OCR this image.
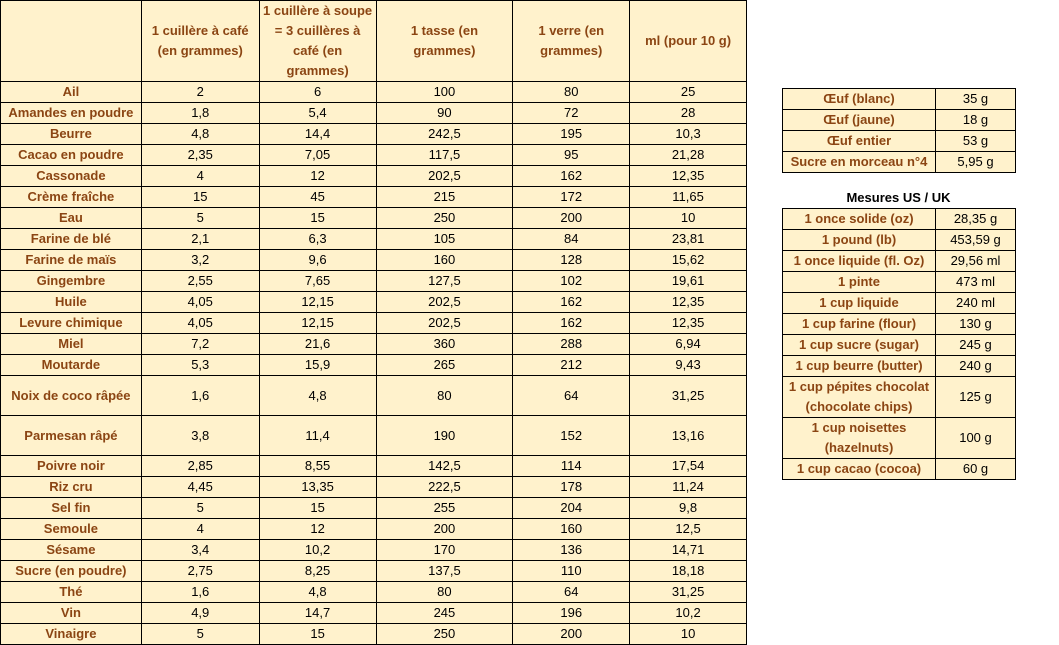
	1 cuillère à café (en grammes)	1 cuillère à soupe = 3 cuillères à café (en grammes)	1 tasse (en grammes)	1 verre (en grammes)	ml (pour 10 g)
Ail	2	6	100	80	25
Amandes en poudre	1,8	5,4	90	72	28
Beurre	4,8	14,4	242,5	195	10,3
Cacao en poudre	2,35	7,05	117,5	95	21,28
Cassonade	4	12	202,5	162	12,35
Crème fraîche	15	45	215	172	11,65
Eau	5	15	250	200	10
Farine de blé	2,1	6,3	105	84	23,81
Farine de maïs	3,2	9,6	160	128	15,62
Gingembre	2,55	7,65	127,5	102	19,61
Huile	4,05	12,15	202,5	162	12,35
Levure chimique	4,05	12,15	202,5	162	12,35
Miel	7,2	21,6	360	288	6,94
Moutarde	5,3	15,9	265	212	9,43
Noix de coco râpée	1,6	4,8	80	64	31,25
Parmesan râpé	3,8	11,4	190	152	13,16
Poivre noir	2,85	8,55	142,5	114	17,54
Riz cru	4,45	13,35	222,5	178	11,24
Sel fin	5	15	255	204	9,8
Semoule	4	12	200	160	12,5
Sésame	3,4	10,2	170	136	14,71
Sucre (en poudre)	2,75	8,25	137,5	110	18,18
Thé	1,6	4,8	80	64	31,25
Vin	4,9	14,7	245	196	10,2
Vinaigre	5	15	250	200	10
Œuf (blanc)	35 g
Œuf (jaune)	18 g
Œuf entier	53 g
Sucre en morceau n°4	5,95 g
Mesures US / UK
1 once solide (oz)	28,35 g
1 pound (lb)	453,59 g
1 once liquide (fl. Oz)	29,56 ml
1 pinte	473 ml
1 cup liquide	240 ml
1 cup farine (flour)	130 g
1 cup sucre (sugar)	245 g
1 cup beurre (butter)	240 g
1 cup pépites chocolat (chocolate chips)	125 g
1 cup noisettes (hazelnuts)	100 g
1 cup cacao (cocoa)	60 g
